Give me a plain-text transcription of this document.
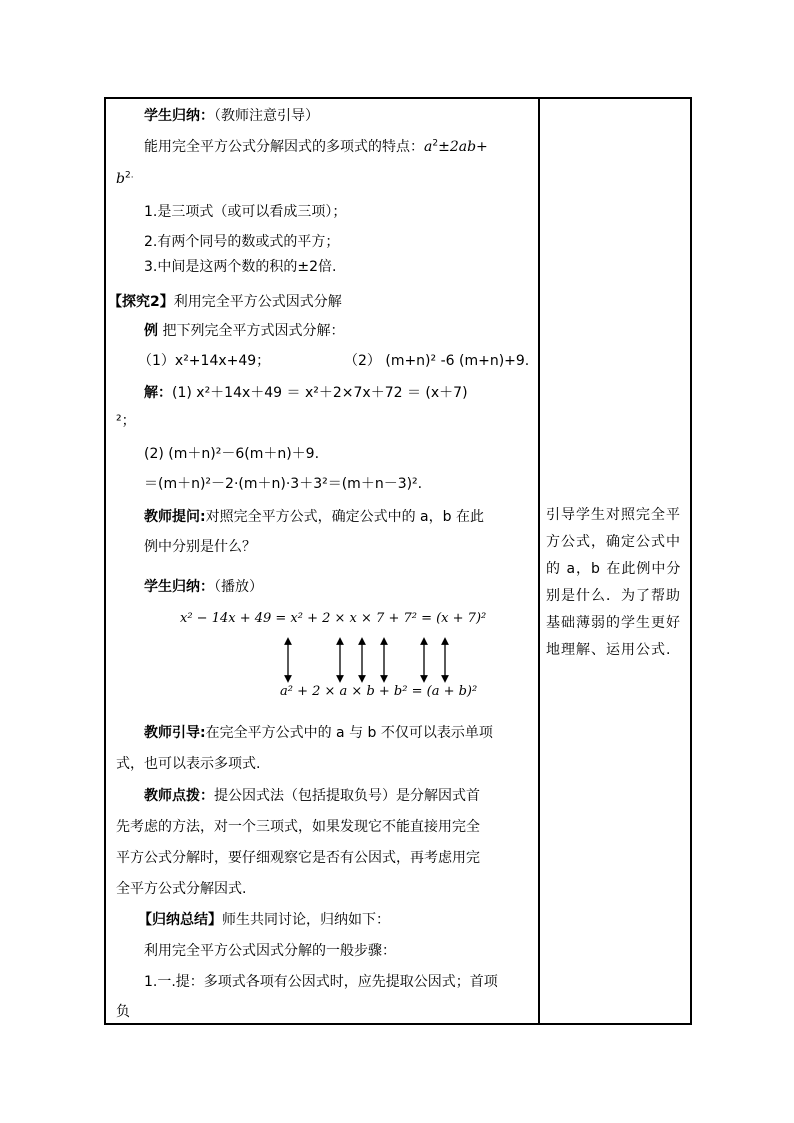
学生归纳：（教师注意引导）
能用完全平方公式分解因式的多项式的特点：$a^2\pm 2ab+$
$b^{2.}$
1.是三项式（或可以看成三项）；
2.有两个同号的数或式的平方；
3.中间是这两个数的积的±2倍.
【探究2】利用完全平方公式因式分解
例 把下列完全平方式因式分解：
（1）x²+14x+49；	（2） (m+n)² -6 (m+n)+9.
解：(1) x²＋14x＋49 ＝ x²＋2×7x＋72 ＝ (x＋7)
²；
(2) (m＋n)²－6(m＋n)＋9.
＝(m＋n)²－2·(m＋n)·3＋3²＝(m＋n－3)².
教师提问:对照完全平方公式，确定公式中的 a，b 在此
例中分别是什么？
学生归纳：（播放）
x² − 14x + 49 = x² + 2 × x × 7 + 7² = (x + 7)²
a² + 2 × a × b + b² = (a + b)²
教师引导:在完全平方公式中的 a 与 b 不仅可以表示单项
式，也可以表示多项式.
教师点拨：提公因式法（包括提取负号）是分解因式首
先考虑的方法，对一个三项式，如果发现它不能直接用完全
平方公式分解时，要仔细观察它是否有公因式，再考虑用完
全平方公式分解因式.
【归纳总结】师生共同讨论，归纳如下：
利用完全平方公式因式分解的一般步骤：
1.一.提：多项式各项有公因式时，应先提取公因式；首项
负
引导学生对照完全平方公式，确定公式中的 a，b 在此例中分别是什么．为了帮助基础薄弱的学生更好地理解、运用公式.
